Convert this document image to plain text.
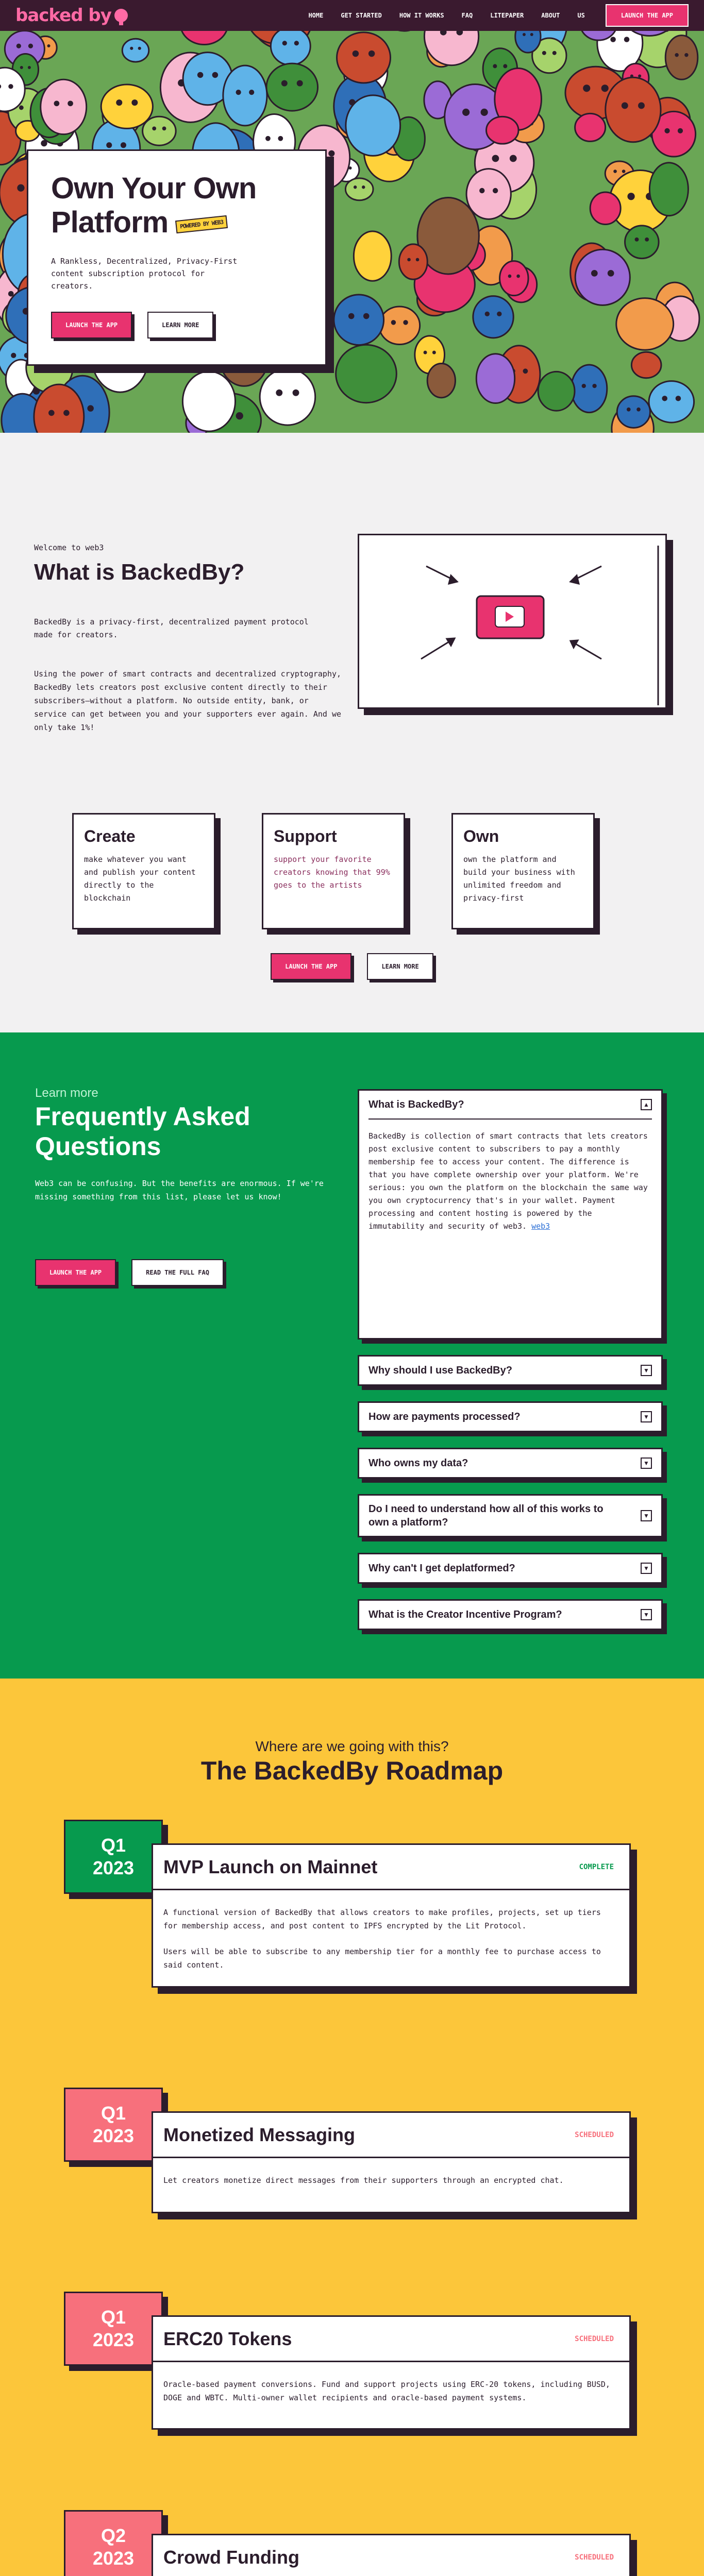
backed by	HOME	GET STARTED	HOW IT WORKS	FAQ	LITEPAPER	ABOUT	US	LAUNCH THE APP
Own Your Own Platform POWERED BY WEB3

A Rankless, Decentralized, Privacy-First content subscription protocol for creators.

LAUNCH THE APP	LEARN MORE
Welcome to web3
What is BackedBy?

BackedBy is a privacy-first, decentralized payment protocol made for creators.

Using the power of smart contracts and decentralized cryptography, BackedBy lets creators post exclusive content directly to their subscribers—without a platform. No outside entity, bank, or service can get between you and your supporters ever again. And we only take 1%!

Create

make whatever you want and publish your content directly to the blockchain

Support

support your favorite creators knowing that 99% goes to the artists

Own

own the platform and build your business with unlimited freedom and privacy-first

LAUNCH THE APP	LEARN MORE
Learn more
Frequently Asked Questions

Web3 can be confusing. But the benefits are enormous. If we're missing something from this list, please let us know!

LAUNCH THE APP	READ THE FULL FAQ
What is BackedBy?	▲
BackedBy is collection of smart contracts that lets creators post exclusive content to subscribers to pay a monthly membership fee to access your content. The difference is that you have complete ownership over your platform. We're serious: you own the platform on the blockchain the same way you own cryptocurrency that's in your wallet. Payment processing and content hosting is powered by the immutability and security of web3. web3
Why should I use BackedBy?	▼
How are payments processed?	▼
Who owns my data?	▼
Do I need to understand how all of this works to own a platform?
▼
Why can't I get deplatformed?	▼
What is the Creator Incentive Program?	▼
Where are we going with this?
The BackedBy Roadmap
Q1
2023 MVP Launch on Mainnet	COMPLETE

A functional version of BackedBy that allows creators to make profiles, projects, set up tiers for membership access, and post content to IPFS encrypted by the Lit Protocol.

Users will be able to subscribe to any membership tier for a monthly fee to purchase access to said content.

Q1
2023 Monetized Messaging	SCHEDULED

Let creators monetize direct messages from their supporters through an encrypted chat.

Q1
2023 ERC20 Tokens	SCHEDULED

Oracle-based payment conversions. Fund and support projects using ERC-20 tokens, including BUSD, DOGE and WBTC. Multi-owner wallet recipients and oracle-based payment systems.

Q2
2023 Crowd Funding	SCHEDULED
